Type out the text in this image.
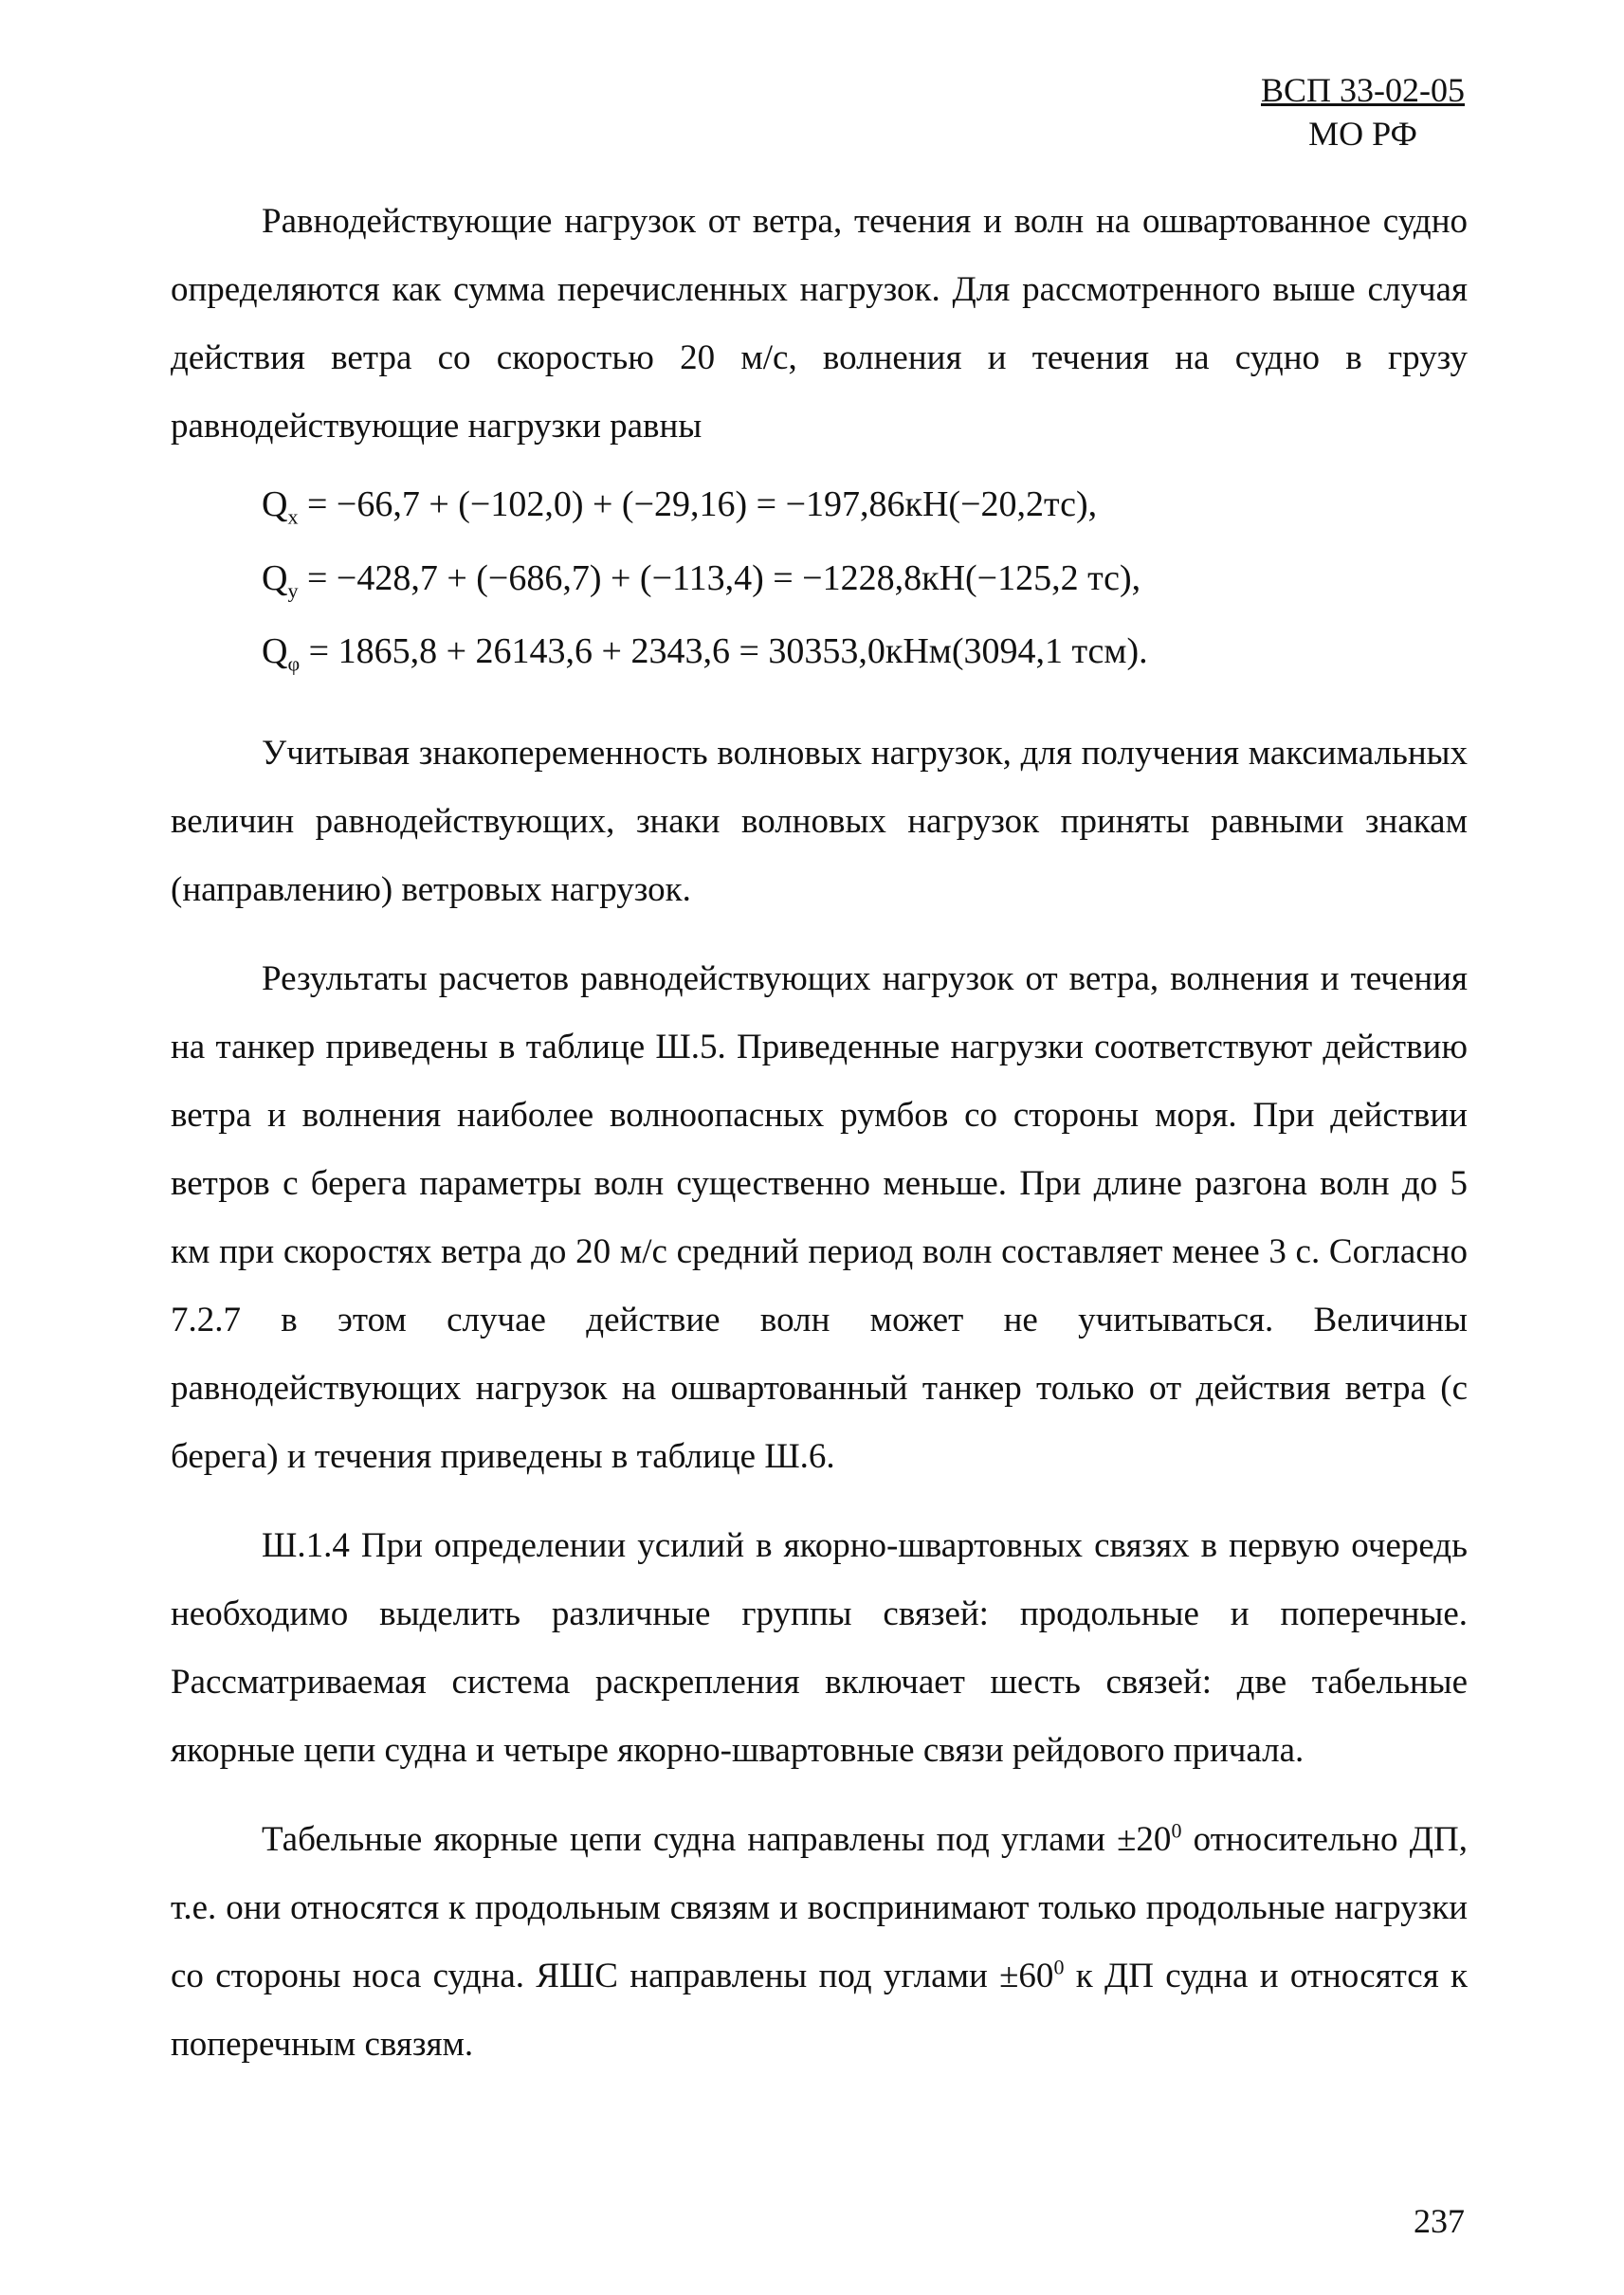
ВСП 33-02-05
МО РФ

Равнодействующие нагрузок от ветра, течения и волн на ошвартованное судно определяются как сумма перечисленных нагрузок. Для рассмотренного выше случая действия ветра со скоростью 20 м/с, волнения и течения на судно в грузу равнодействующие нагрузки равны

$Q_x = -66,7 + (-102,0) + (-29,16) = -197,86кН(-20,2тс)$,
$Q_y = -428,7 + (-686,7) + (-113,4) = -1228,8кН(-125,2$ тс),
$Q_\varphi = 1865,8 + 26143,6 + 2343,6 = 30353,0кНм(3094,1$ тсм).

Учитывая знакопеременность волновых нагрузок, для получения максимальных величин равнодействующих, знаки волновых нагрузок приняты равными знакам (направлению) ветровых нагрузок.

Результаты расчетов равнодействующих нагрузок от ветра, волнения и течения на танкер приведены в таблице Ш.5. Приведенные нагрузки соответствуют действию ветра и волнения наиболее волноопасных румбов со стороны моря. При действии ветров с берега параметры волн существенно меньше. При длине разгона волн до 5 км при скоростях ветра до 20 м/с средний период волн составляет менее 3 с. Согласно 7.2.7 в этом случае действие волн может не учитываться. Величины равнодействующих нагрузок на ошвартованный танкер только от действия ветра (с берега) и течения приведены в таблице Ш.6.

Ш.1.4 При определении усилий в якорно-швартовных связях в первую очередь необходимо выделить различные группы связей: продольные и поперечные. Рассматриваемая система раскрепления включает шесть связей: две табельные якорные цепи судна и четыре якорно-швартовные связи рейдового причала.

Табельные якорные цепи судна направлены под углами $\pm 20^0$ относительно ДП, т.е. они относятся к продольным связям и воспринимают только продольные нагрузки со стороны носа судна. ЯШС направлены под углами $\pm 60^0$ к ДП судна и относятся к поперечным связям.

237
